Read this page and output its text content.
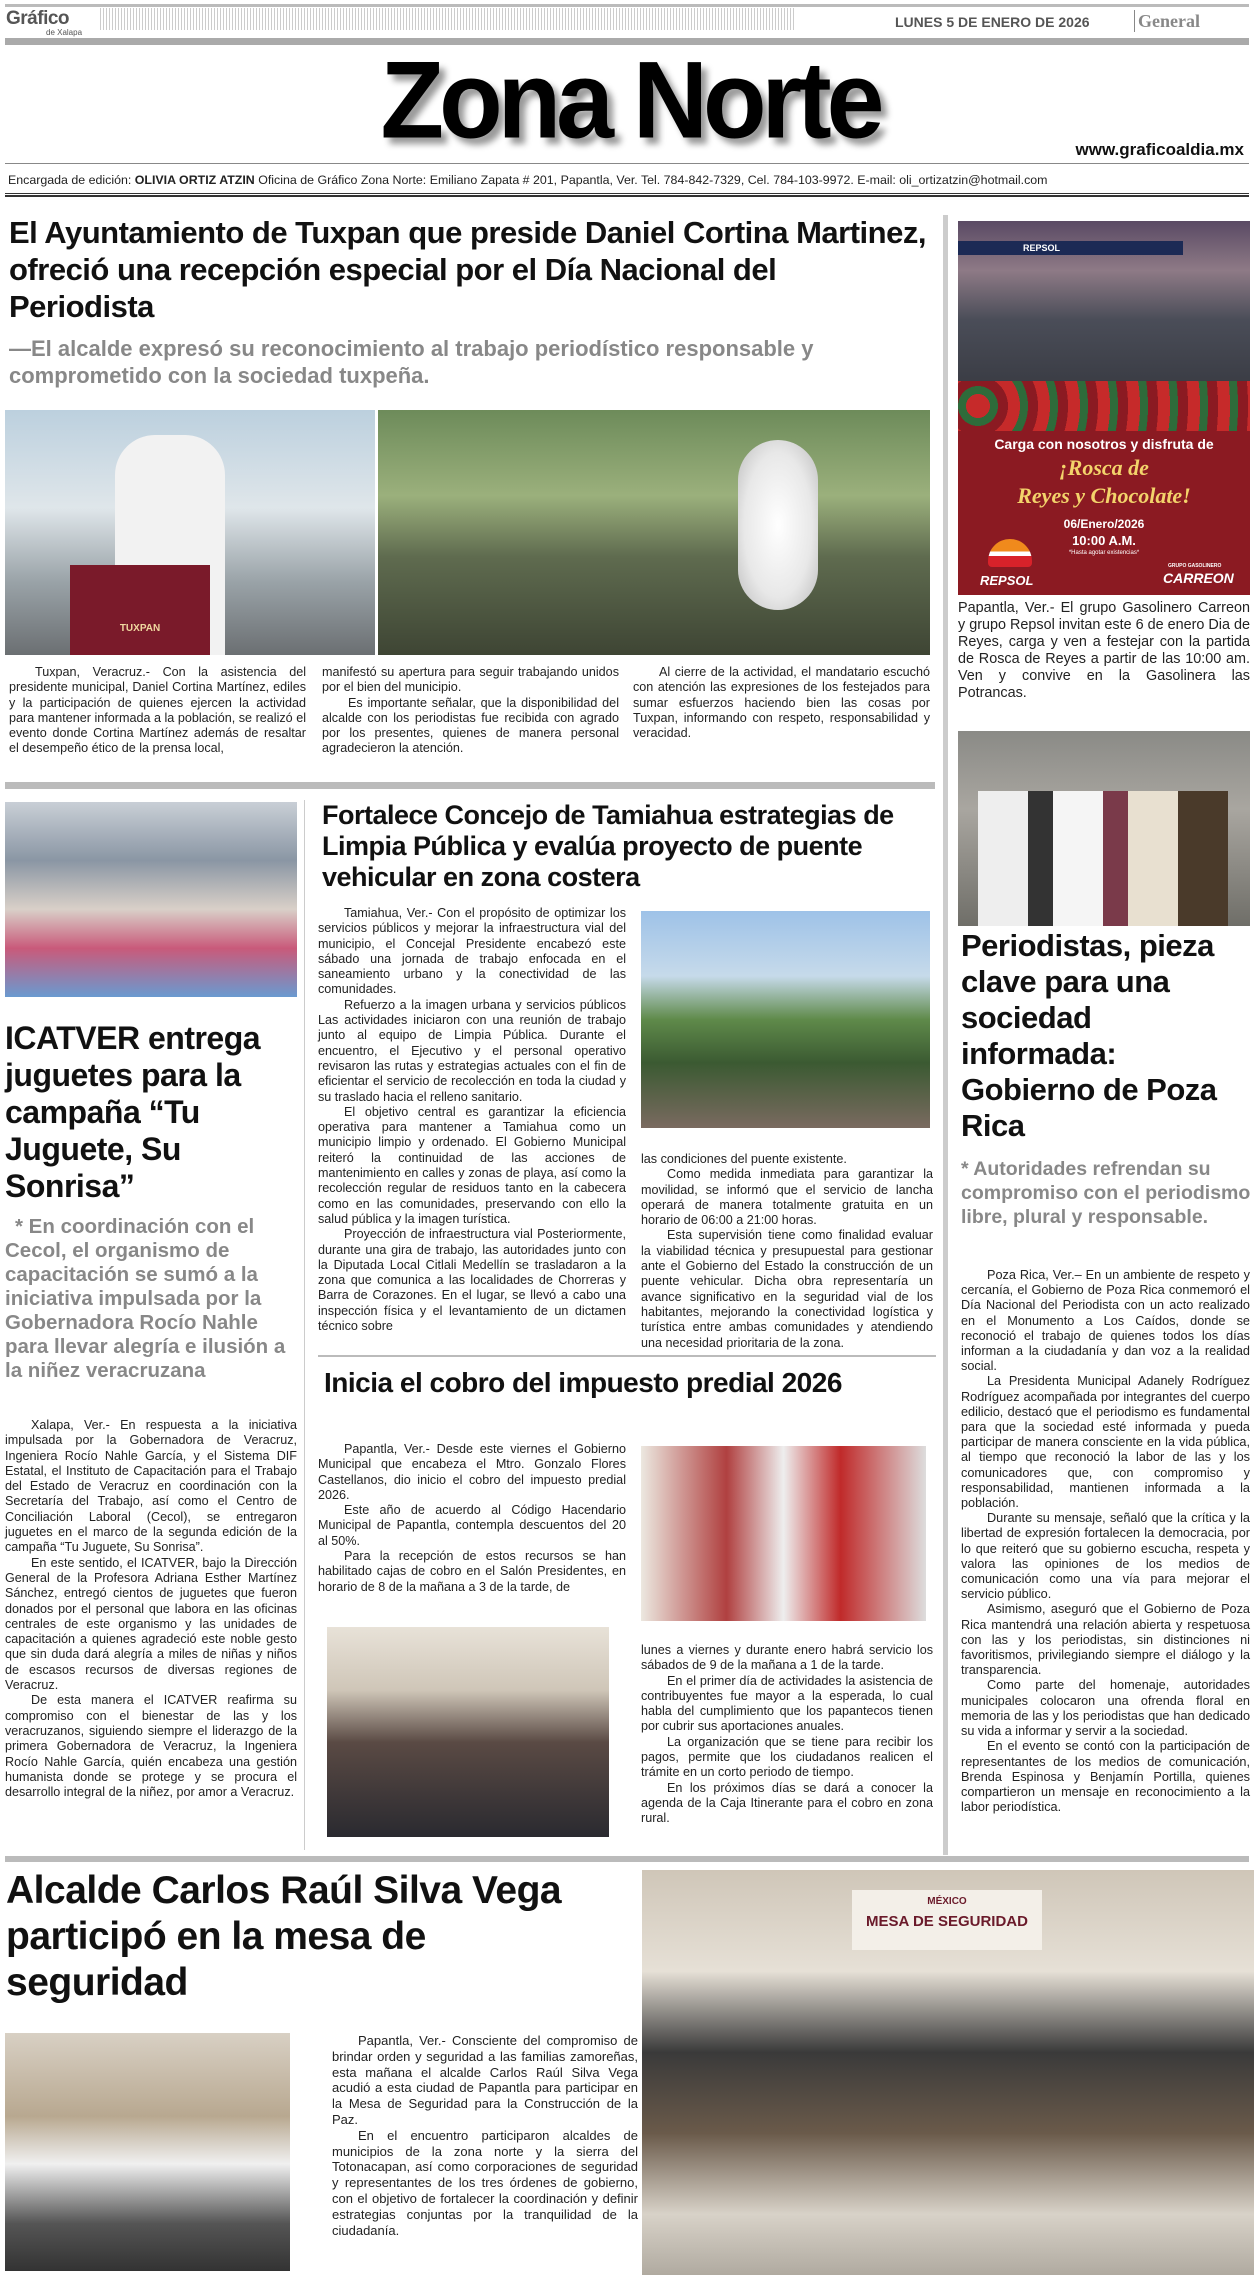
Gráfico
de Xalapa
LUNES 5 DE ENERO DE 2026	General
Zona Norte	www.graficoaldia.mx
Encargada de edición: OLIVIA ORTIZ ATZIN Oficina de Gráfico Zona Norte: Emiliano Zapata # 201, Papantla, Ver. Tel. 784-842-7329, Cel. 784-103-9972. E-mail: oli_ortizatzin@hotmail.com
El Ayuntamiento de Tuxpan que preside Daniel Cortina Martinez, ofreció una recepción especial por el Día Nacional del Periodista
—El alcalde expresó su reconocimiento al trabajo periodístico responsable y comprometido con la sociedad tuxpeña.
TUXPAN

Tuxpan, Veracruz.- Con la asistencia del presidente municipal, Daniel Cortina Martínez, ediles y la participación de quienes ejercen la actividad para mantener informada a la población, se realizó el evento donde Cortina Martínez además de resaltar el desempeño ético de la prensa local,

manifestó su apertura para seguir trabajando unidos por el bien del municipio.

Es importante señalar, que la disponibilidad del alcalde con los periodistas fue recibida con agrado por los presentes, quienes de manera personal agradecieron la atención.

Al cierre de la actividad, el mandatario escuchó con atención las expresiones de los festejados para sumar esfuerzos haciendo bien las cosas por Tuxpan, informando con respeto, responsabilidad y veracidad.

REPSOL
Carga con nosotros y disfruta de
¡Rosca de
Reyes y Chocolate!
06/Enero/2026
10:00 A.M.
*Hasta agotar existencias*
REPSOL
GRUPO GASOLINERO
CARREON
Papantla, Ver.- El grupo Gasolinero Carreon y grupo Repsol invitan este 6 de enero Dia de Reyes, carga y ven a festejar con la partida de Rosca de Reyes a partir de las 10:00 am. Ven y convive en la Gasolinera las Potrancas.
Periodistas, pieza clave para una sociedad informada: Gobierno de Poza Rica
* Autoridades refrendan su compromiso con el periodismo libre, plural y responsable.

Poza Rica, Ver.– En un ambiente de respeto y cercanía, el Gobierno de Poza Rica conmemoró el Día Nacional del Periodista con un acto realizado en el Monumento a Los Caídos, donde se reconoció el trabajo de quienes todos los días informan a la ciudadanía y dan voz a la realidad social.

La Presidenta Municipal Adanely Rodríguez Rodríguez acompañada por integrantes del cuerpo edilicio, destacó que el periodismo es fundamental para que la sociedad esté informada y pueda participar de manera consciente en la vida pública, al tiempo que reconoció la labor de las y los comunicadores que, con compromiso y responsabilidad, mantienen informada a la población.

Durante su mensaje, señaló que la crítica y la libertad de expresión fortalecen la democracia, por lo que reiteró que su gobierno escucha, respeta y valora las opiniones de los medios de comunicación como una vía para mejorar el servicio público.

Asimismo, aseguró que el Gobierno de Poza Rica mantendrá una relación abierta y respetuosa con las y los periodistas, sin distinciones ni favoritismos, privilegiando siempre el diálogo y la transparencia.

Como parte del homenaje, autoridades municipales colocaron una ofrenda floral en memoria de las y los periodistas que han dedicado su vida a informar y servir a la sociedad.

En el evento se contó con la participación de representantes de los medios de comunicación, Brenda Espinosa y Benjamín Portilla, quienes compartieron un mensaje en reconocimiento a la labor periodística.

ICATVER entrega juguetes para la campaña “Tu Juguete, Su Sonrisa”
* En coordinación con el Cecol, el organismo de capacitación se sumó a la iniciativa impulsada por la Gobernadora Rocío Nahle para llevar alegría e ilusión a la niñez veracruzana

Xalapa, Ver.- En respuesta a la iniciativa impulsada por la Gobernadora de Veracruz, Ingeniera Rocío Nahle García, y el Sistema DIF Estatal, el Instituto de Capacitación para el Trabajo del Estado de Veracruz en coordinación con la Secretaría del Trabajo, así como el Centro de Conciliación Laboral (Cecol), se entregaron juguetes en el marco de la segunda edición de la campaña “Tu Juguete, Su Sonrisa”.

En este sentido, el ICATVER, bajo la Dirección General de la Profesora Adriana Esther Martínez Sánchez, entregó cientos de juguetes que fueron donados por el personal que labora en las oficinas centrales de este organismo y las unidades de capacitación a quienes agradeció este noble gesto que sin duda dará alegría a miles de niñas y niños de escasos recursos de diversas regiones de Veracruz.

De esta manera el ICATVER reafirma su compromiso con el bienestar de las y los veracruzanos, siguiendo siempre el liderazgo de la primera Gobernadora de Veracruz, la Ingeniera Rocío Nahle García, quién encabeza una gestión humanista donde se protege y se procura el desarrollo integral de la niñez, por amor a Veracruz.

Fortalece Concejo de Tamiahua estrategias de Limpia Pública y evalúa proyecto de puente vehicular en zona costera

Tamiahua, Ver.- Con el propósito de optimizar los servicios públicos y mejorar la infraestructura vial del municipio, el Concejal Presidente encabezó este sábado una jornada de trabajo enfocada en el saneamiento urbano y la conectividad de las comunidades.

Refuerzo a la imagen urbana y servicios públicos Las actividades iniciaron con una reunión de trabajo junto al equipo de Limpia Pública. Durante el encuentro, el Ejecutivo y el personal operativo revisaron las rutas y estrategias actuales con el fin de eficientar el servicio de recolección en toda la ciudad y su traslado hacia el relleno sanitario.

El objetivo central es garantizar la eficiencia operativa para mantener a Tamiahua como un municipio limpio y ordenado. El Gobierno Municipal reiteró la continuidad de las acciones de mantenimiento en calles y zonas de playa, así como la recolección regular de residuos tanto en la cabecera como en las comunidades, preservando con ello la salud pública y la imagen turística.

Proyección de infraestructura vial Posteriormente, durante una gira de trabajo, las autoridades junto con la Diputada Local Citlali Medellín se trasladaron a la zona que comunica a las localidades de Chorreras y Barra de Corazones. En el lugar, se llevó a cabo una inspección física y el levantamiento de un dictamen técnico sobre

las condiciones del puente existente.

Como medida inmediata para garantizar la movilidad, se informó que el servicio de lancha operará de manera totalmente gratuita en un horario de 06:00 a 21:00 horas.

Esta supervisión tiene como finalidad evaluar la viabilidad técnica y presupuestal para gestionar ante el Gobierno del Estado la construcción de un puente vehicular. Dicha obra representaría un avance significativo en la seguridad vial de los habitantes, mejorando la conectividad logística y turística entre ambas comunidades y atendiendo una necesidad prioritaria de la zona.

Inicia el cobro del impuesto predial 2026

Papantla, Ver.- Desde este viernes el Gobierno Municipal que encabeza el Mtro. Gonzalo Flores Castellanos, dio inicio el cobro del impuesto predial 2026.

Este año de acuerdo al Código Hacendario Municipal de Papantla, contempla descuentos del 20 al 50%.

Para la recepción de estos recursos se han habilitado cajas de cobro en el Salón Presidentes, en horario de 8 de la mañana a 3 de la tarde, de

lunes a viernes y durante enero habrá servicio los sábados de 9 de la mañana a 1 de la tarde.

En el primer día de actividades la asistencia de contribuyentes fue mayor a la esperada, lo cual habla del cumplimiento que los papantecos tienen por cubrir sus aportaciones anuales.

La organización que se tiene para recibir los pagos, permite que los ciudadanos realicen el trámite en un corto periodo de tiempo.

En los próximos días se dará a conocer la agenda de la Caja Itinerante para el cobro en zona rural.

Alcalde Carlos Raúl Silva Vega participó en la mesa de seguridad

Papantla, Ver.- Consciente del compromiso de brindar orden y seguridad a las familias zamoreñas, esta mañana el alcalde Carlos Raúl Silva Vega acudió a esta ciudad de Papantla para participar en la Mesa de Seguridad para la Construcción de la Paz.

En el encuentro participaron alcaldes de municipios de la zona norte y la sierra del Totonacapan, así como corporaciones de seguridad y representantes de los tres órdenes de gobierno, con el objetivo de fortalecer la coordinación y definir estrategias conjuntas por la tranquilidad de la ciudadanía.

MÉXICO
MESA DE SEGURIDAD
